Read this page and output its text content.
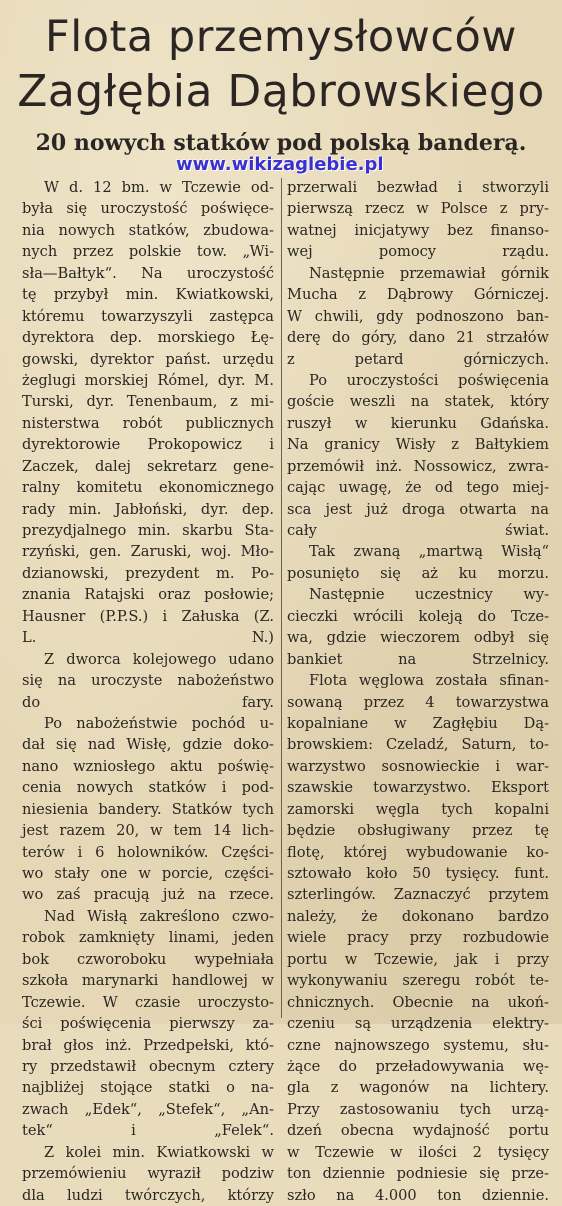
Flota przemysłowców
Zagłębia Dąbrowskiego
20 nowych statków pod polską banderą.
www.wikizaglebie.pl
W d. 12 bm. w Tczewie od-
była się uroczystość poświęce-
nia nowych statków, zbudowa-
nych przez polskie tow. „Wi-
sła—Bałtyk“. Na uroczystość
tę przybył min. Kwiatkowski,
któremu towarzyszyli zastępca
dyrektora dep. morskiego Łę-
gowski, dyrektor państ. urzędu
żeglugi morskiej Rómel, dyr. M.
Turski, dyr. Tenenbaum, z mi-
nisterstwa robót publicznych
dyrektorowie Prokopowicz i
Zaczek, dalej sekretarz gene-
ralny komitetu ekonomicznego
rady min. Jabłoński, dyr. dep.
prezydjalnego min. skarbu Sta-
rzyński, gen. Zaruski, woj. Mło-
dzianowski, prezydent m. Po-
znania Ratajski oraz posłowie;
Hausner (P.P.S.) i Załuska (Z.
L. N.)
Z dworca kolejowego udano
się na uroczyste nabożeństwo
do fary.
Po nabożeństwie pochód u-
dał się nad Wisłę, gdzie doko-
nano wzniosłego aktu poświę-
cenia nowych statków i pod-
niesienia bandery. Statków tych
jest razem 20, w tem 14 lich-
terów i 6 holowników. Części-
wo stały one w porcie, części-
wo zaś pracują już na rzece.
Nad Wisłą zakreślono czwo-
robok zamknięty linami, jeden
bok czworoboku wypełniała
szkoła marynarki handlowej w
Tczewie. W czasie uroczysto-
ści poświęcenia pierwszy za-
brał głos inż. Przedpełski, któ-
ry przedstawił obecnym cztery
najbliżej stojące statki o na-
zwach „Edek“, „Stefek“, „An-
tek“ i „Felek“.
Z kolei min. Kwiatkowski w
przemówieniu wyraził podziw
dla ludzi twórczych, którzy
przerwali bezwład i stworzyli
pierwszą rzecz w Polsce z pry-
watnej inicjatywy bez finanso-
wej pomocy rządu.
Następnie przemawiał górnik
Mucha z Dąbrowy Górniczej.
W chwili, gdy podnoszono ban-
derę do góry, dano 21 strzałów
z petard górniczych.
Po uroczystości poświęcenia
goście weszli na statek, który
ruszył w kierunku Gdańska.
Na granicy Wisły z Bałtykiem
przemówił inż. Nossowicz, zwra-
cając uwagę, że od tego miej-
sca jest już droga otwarta na
cały świat.
Tak zwaną „martwą Wisłą“
posunięto się aż ku morzu.
Następnie uczestnicy wy-
cieczki wrócili koleją do Tcze-
wa, gdzie wieczorem odbył się
bankiet na Strzelnicy.
Flota węglowa została sfinan-
sowaną przez 4 towarzystwa
kopalniane w Zagłębiu Dą-
browskiem: Czeladź, Saturn, to-
warzystwo sosnowieckie i war-
szawskie towarzystwo. Eksport
zamorski węgla tych kopalni
będzie obsługiwany przez tę
flotę, której wybudowanie ko-
sztowało koło 50 tysięcy. funt.
szterlingów. Zaznaczyć przytem
należy, że dokonano bardzo
wiele pracy przy rozbudowie
portu w Tczewie, jak i przy
wykonywaniu szeregu robót te-
chnicznych. Obecnie na ukoń-
czeniu są urządzenia elektry-
czne najnowszego systemu, słu-
żące do przeładowywania wę-
gla z wagonów na lichtery.
Przy zastosowaniu tych urzą-
dzeń obecna wydajność portu
w Tczewie w ilości 2 tysięcy
ton dziennie podniesie się prze-
szło na 4.000 ton dziennie.
